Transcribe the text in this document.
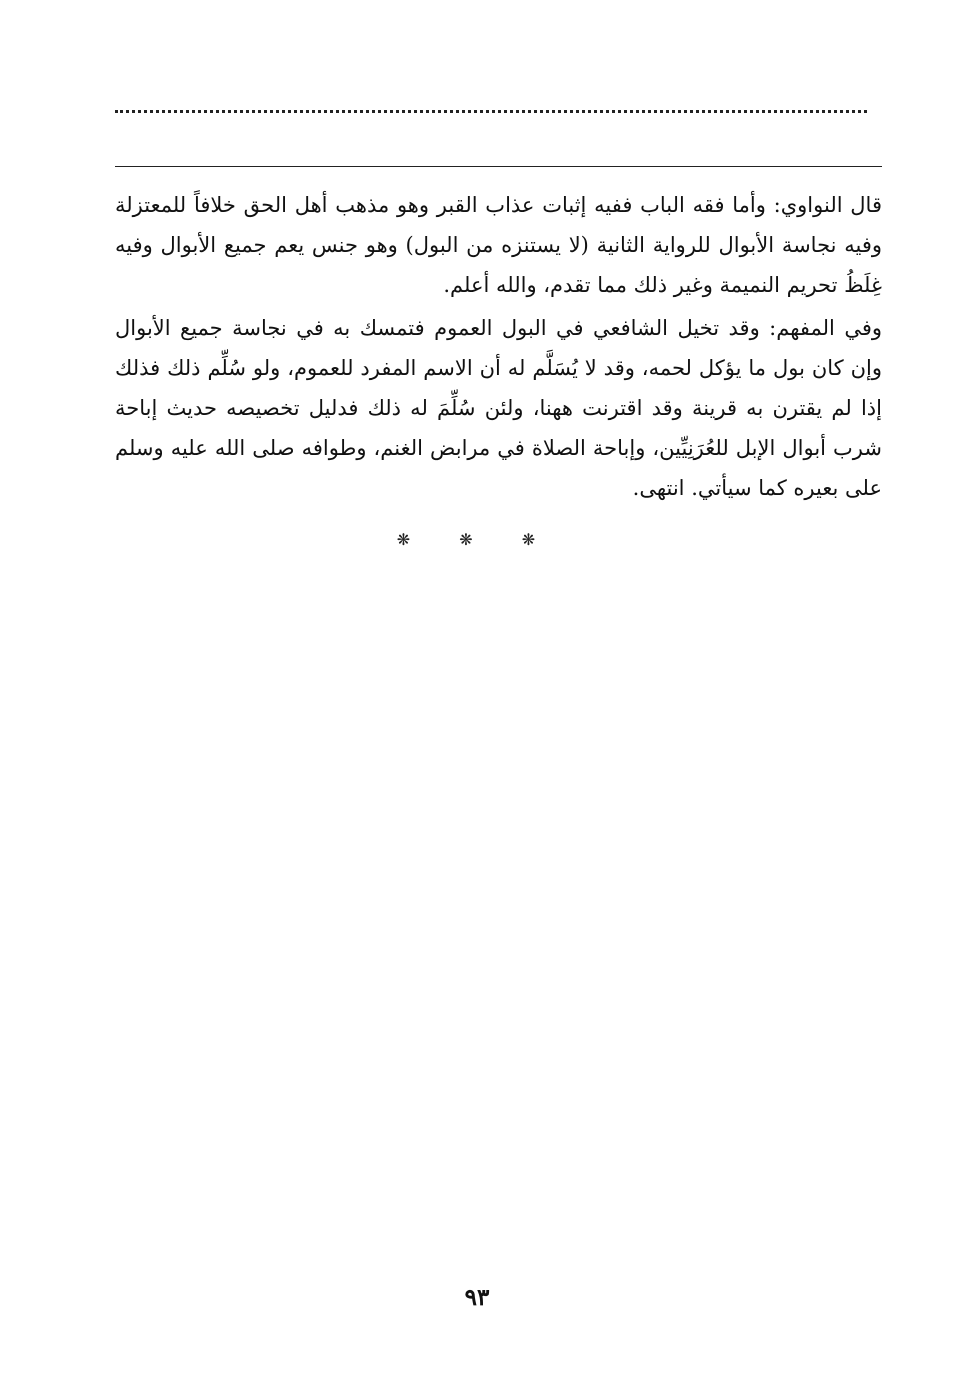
قال النواوي: وأما فقه الباب ففيه إثبات عذاب القبر وهو مذهب أهل الحق خلافاً للمعتزلة وفيه نجاسة الأبوال للرواية الثانية (لا يستنزه من البول) وهو جنس يعم جميع الأبوال وفيه غِلَظُ تحريم النميمة وغير ذلك مما تقدم، والله أعلم.

وفي المفهم: وقد تخيل الشافعي في البول العموم فتمسك به في نجاسة جميع الأبوال وإن كان بول ما يؤكل لحمه، وقد لا يُسَلَّم له أن الاسم المفرد للعموم، ولو سُلِّم ذلك فذلك إذا لم يقترن به قرينة وقد اقترنت ههنا، ولئن سُلِّمَ له ذلك فدليل تخصيصه حديث إباحة شرب أبوال الإبل للعُرَنِيِّين، وإباحة الصلاة في مرابض الغنم، وطوافه صلى الله عليه وسلم على بعيره كما سيأتي. انتهى.

❋ ❋ ❋
٩٣
